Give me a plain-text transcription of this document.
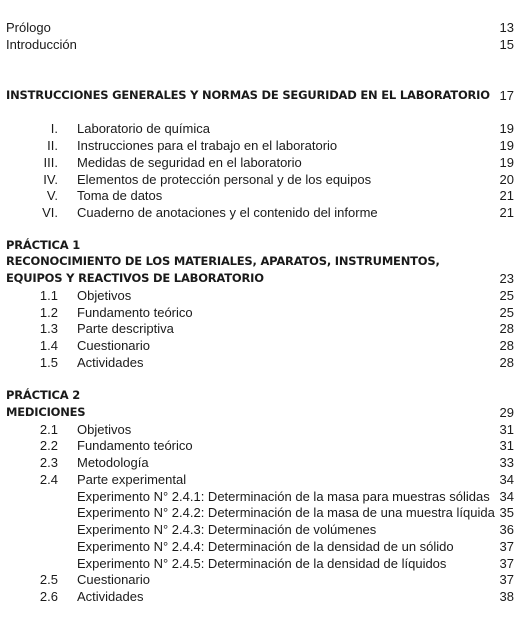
Prólogo	13
Introducción	15
INSTRUCCIONES GENERALES Y NORMAS DE SEGURIDAD EN EL LABORATORIO 17
I. Laboratorio de química	19
II. Instrucciones para el trabajo en el laboratorio	19
III. Medidas de seguridad en el laboratorio	19
IV. Elementos de protección personal y de los equipos	20
V. Toma de datos	21
VI. Cuaderno de anotaciones y el contenido del informe	21
PRÁCTICA 1
RECONOCIMIENTO DE LOS MATERIALES, APARATOS, INSTRUMENTOS,
EQUIPOS Y REACTIVOS DE LABORATORIO	23
1.1 Objetivos	25
1.2 Fundamento teórico	25
1.3 Parte descriptiva	28
1.4 Cuestionario	28
1.5 Actividades	28
PRÁCTICA 2
MEDICIONES	29
2.1 Objetivos	31
2.2 Fundamento teórico	31
2.3 Metodología	33
2.4 Parte experimental	34
Experimento N° 2.4.1: Determinación de la masa para muestras sólidas 34
Experimento N° 2.4.2: Determinación de la masa de una muestra líquida 35
Experimento N° 2.4.3: Determinación de volúmenes	36
Experimento N° 2.4.4: Determinación de la densidad de un sólido	37
Experimento N° 2.4.5: Determinación de la densidad de líquidos	37
2.5 Cuestionario	37
2.6 Actividades	38
